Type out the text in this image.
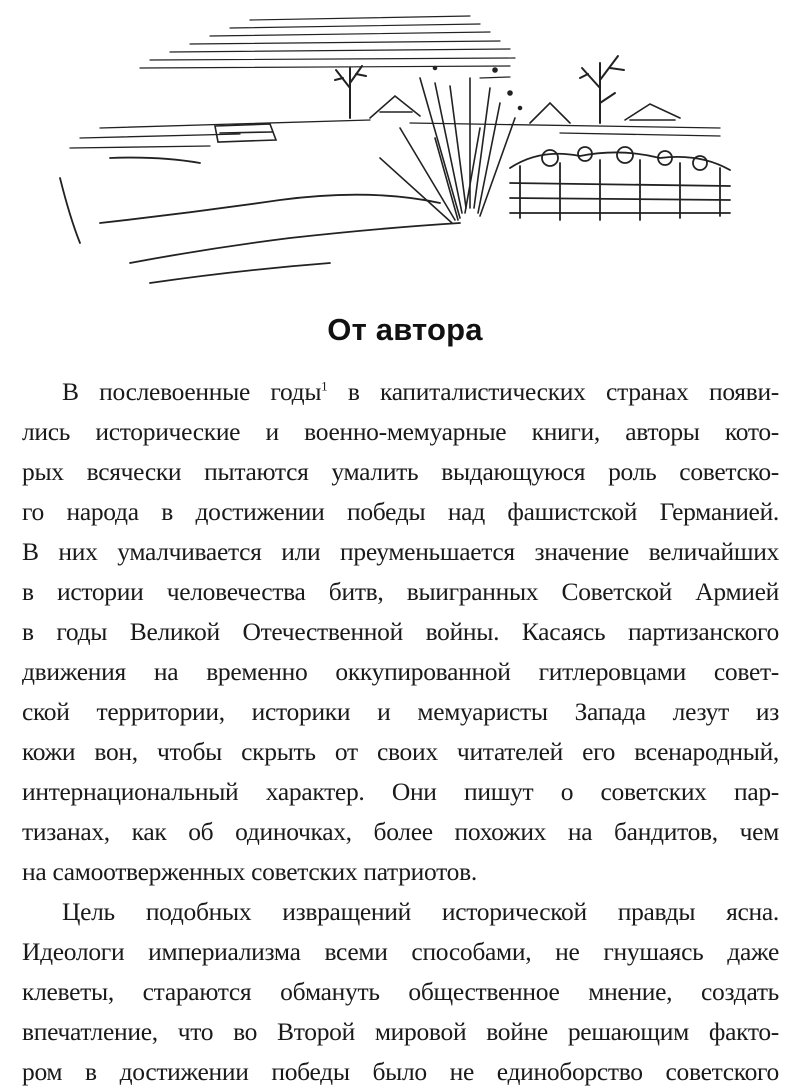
От автора
В послевоенные годы$^1$ в капиталистических странах появи-
лись исторические и военно-мемуарные книги, авторы кото-
рых всячески пытаются умалить выдающуюся роль советско-
го народа в достижении победы над фашистской Германией.
В них умалчивается или преуменьшается значение величайших
в истории человечества битв, выигранных Советской Армией
в годы Великой Отечественной войны. Касаясь партизанского
движения на временно оккупированной гитлеровцами совет-
ской территории, историки и мемуаристы Запада лезут из
кожи вон, чтобы скрыть от своих читателей его всенародный,
интернациональный характер. Они пишут о советских пар-
тизанах, как об одиночках, более похожих на бандитов, чем
на самоотверженных советских патриотов.
Цель подобных извращений исторической правды ясна.
Идеологи империализма всеми способами, не гнушаясь даже
клеветы, стараются обмануть общественное мнение, создать
впечатление, что во Второй мировой войне решающим факто-
ром в достижении победы было не единоборство советского
